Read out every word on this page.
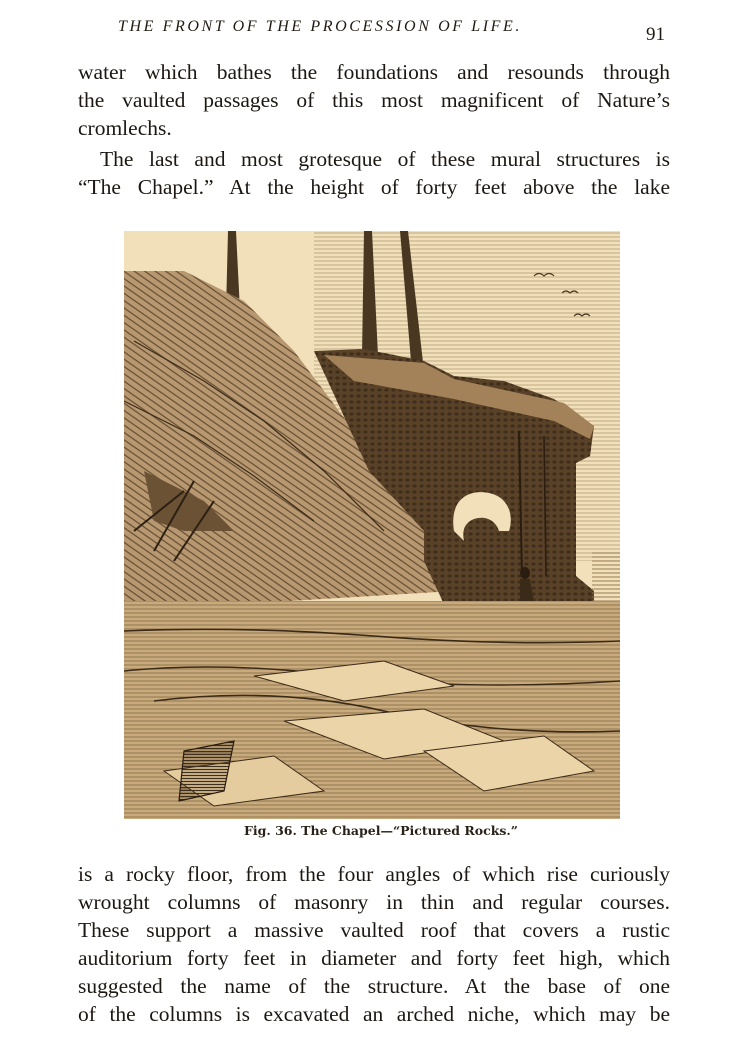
THE FRONT OF THE PROCESSION OF LIFE.	91

water which bathes the foundations and resounds through
the vaulted passages of this most magnificent of Nature’s
cromlechs.

The last and most grotesque of these mural structures is
“The Chapel.” At the height of forty feet above the lake

Fig. 36. The Chapel—“Pictured Rocks.”

is a rocky floor, from the four angles of which rise curiously
wrought columns of masonry in thin and regular courses.
These support a massive vaulted roof that covers a rustic
auditorium forty feet in diameter and forty feet high, which
suggested the name of the structure. At the base of one
of the columns is excavated an arched niche, which may be
